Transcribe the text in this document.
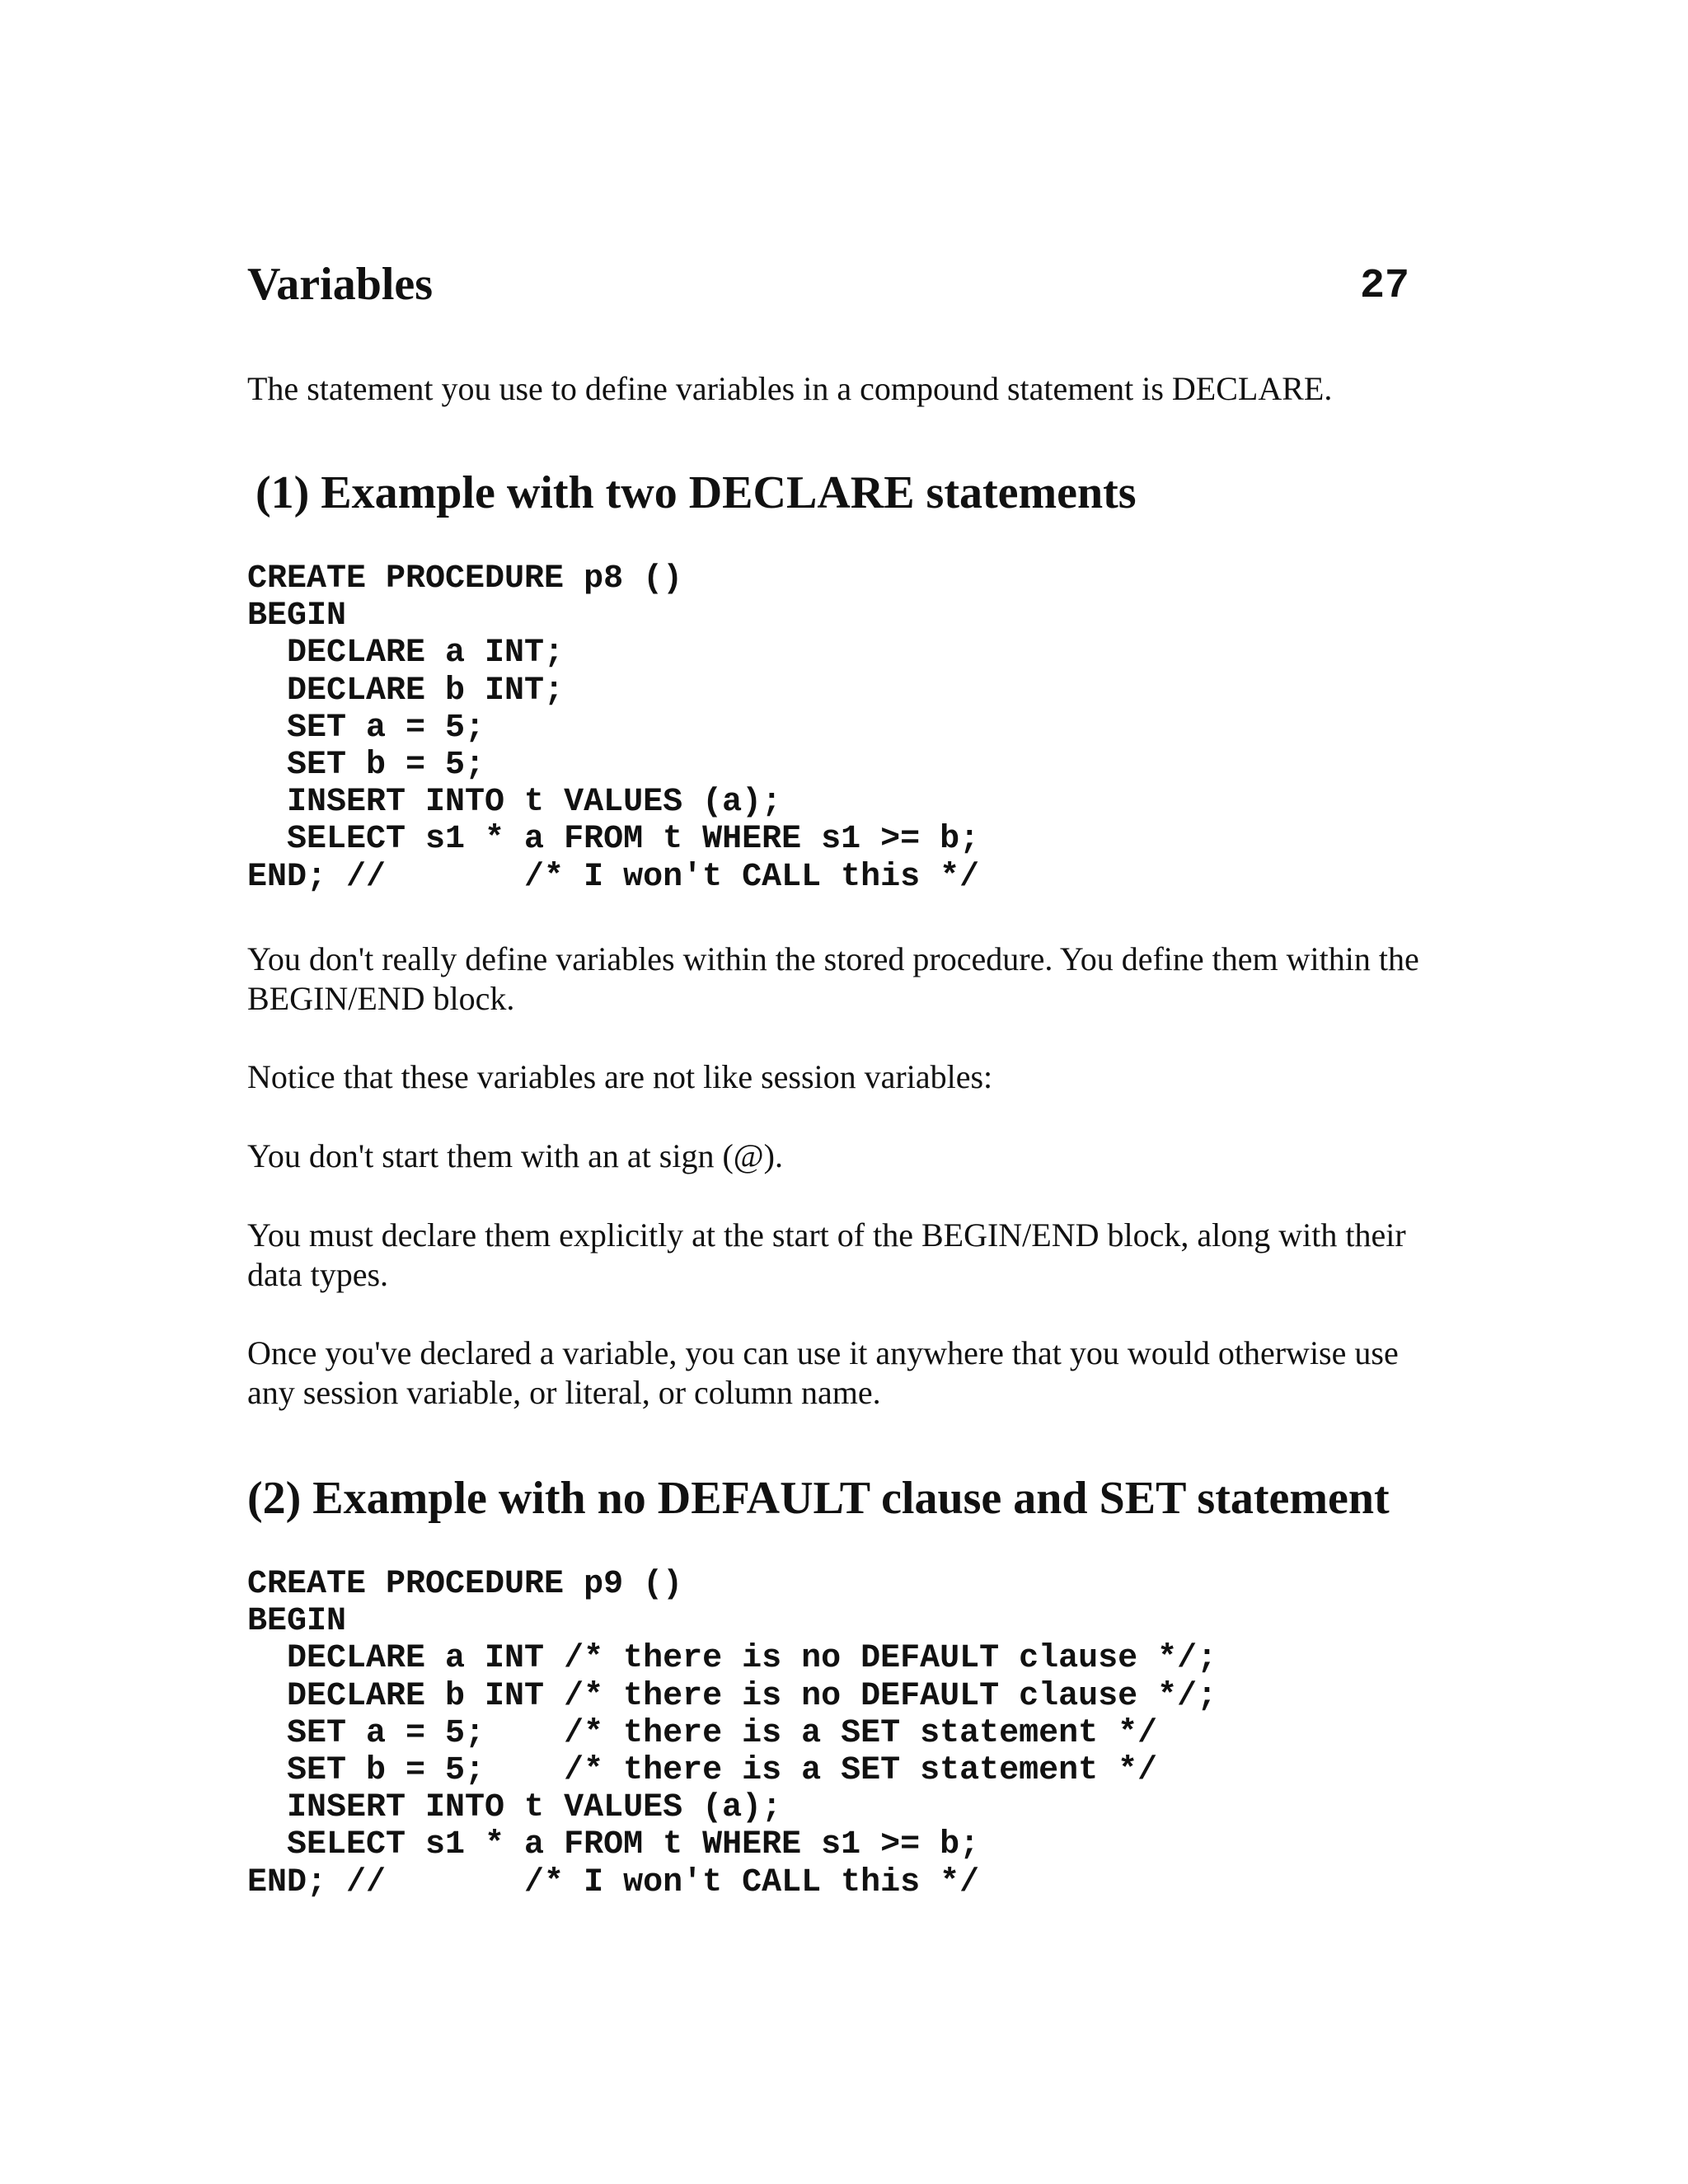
Variables	27

The statement you use to define variables in a compound statement is DECLARE.

(1) Example with two DECLARE statements
CREATE PROCEDURE p8 ()
BEGIN
DECLARE a INT;
DECLARE b INT;
SET a = 5;
SET b = 5;
INSERT INTO t VALUES (a);
SELECT s1 * a FROM t WHERE s1 >= b;
END; //       /* I won't CALL this */

You don't really define variables within the stored procedure. You define them within the BEGIN/END block.

Notice that these variables are not like session variables:

You don't start them with an at sign (@).

You must declare them explicitly at the start of the BEGIN/END block, along with their data types.

Once you've declared a variable, you can use it anywhere that you would otherwise use any session variable, or literal, or column name.

(2) Example with no DEFAULT clause and SET statement
CREATE PROCEDURE p9 ()
BEGIN
DECLARE a INT /* there is no DEFAULT clause */;
DECLARE b INT /* there is no DEFAULT clause */;
SET a = 5;    /* there is a SET statement */
SET b = 5;    /* there is a SET statement */
INSERT INTO t VALUES (a);
SELECT s1 * a FROM t WHERE s1 >= b;
END; //       /* I won't CALL this */
